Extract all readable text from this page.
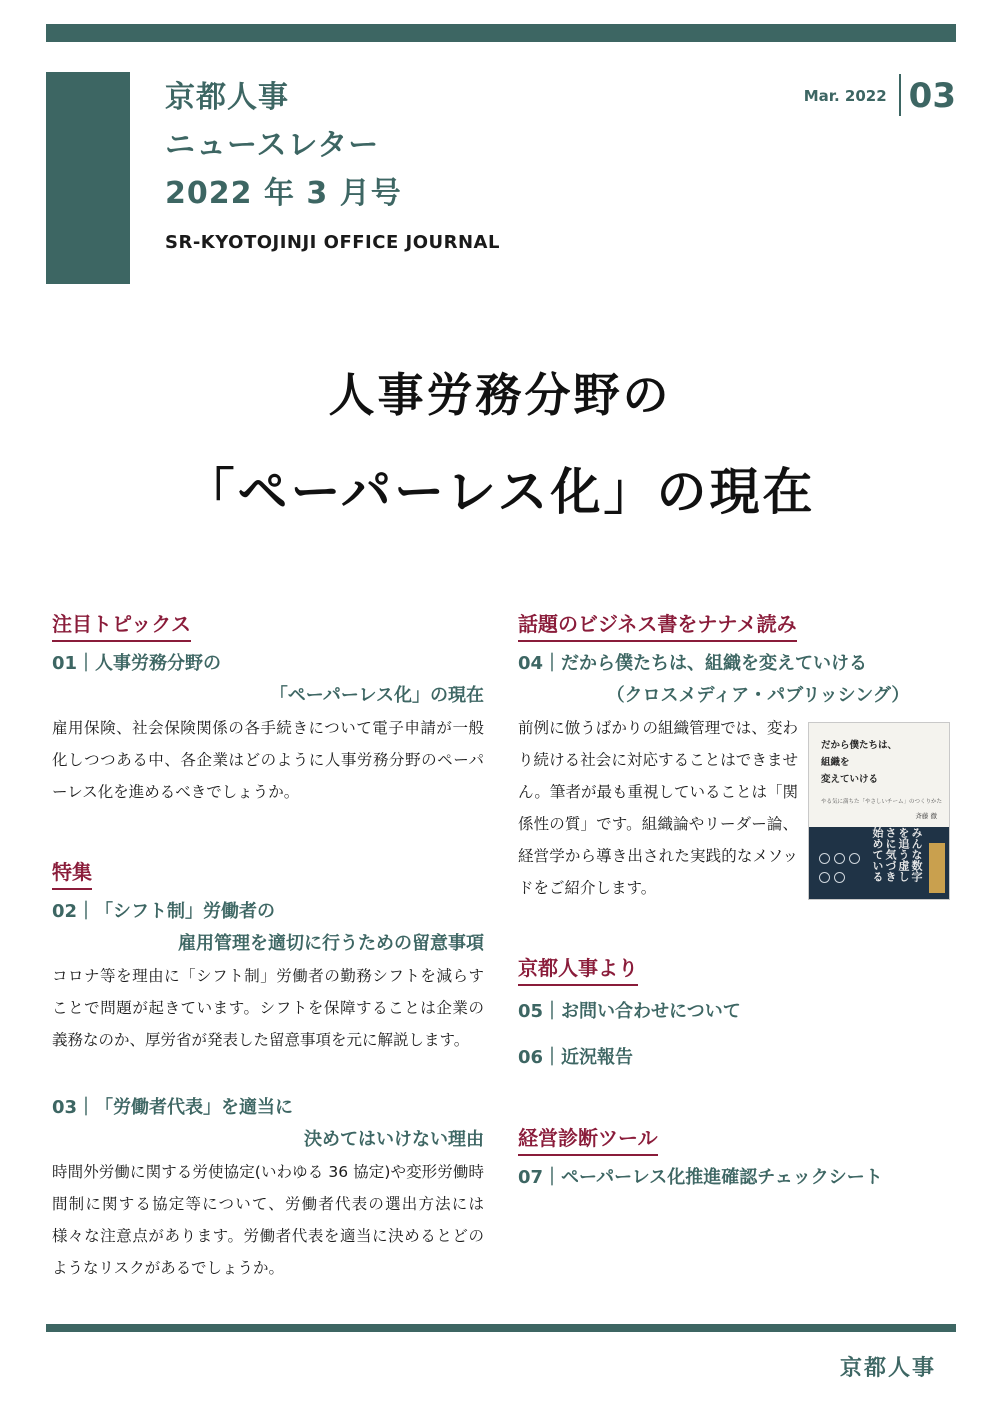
京都人事
ニュースレター
2022 年 3 月号
SR-KYOTOJINJI OFFICE JOURNAL
Mar. 2022 03
人事労務分野の
「ペーパーレス化」の現在
注目トピックス
01｜人事労務分野の
「ペーパーレス化」の現在
雇用保険、社会保険関係の各手続きについて電子申請が一般化しつつある中、各企業はどのように人事労務分野のペーパーレス化を進めるべきでしょうか。
特集
02｜「シフト制」労働者の
雇用管理を適切に行うための留意事項
コロナ等を理由に「シフト制」労働者の勤務シフトを減らすことで問題が起きています。シフトを保障することは企業の義務なのか、厚労省が発表した留意事項を元に解説します。
03｜「労働者代表」を適当に
決めてはいけない理由
時間外労働に関する労使協定(いわゆる 36 協定)や変形労働時間制に関する協定等について、労働者代表の選出方法には様々な注意点があります。労働者代表を適当に決めるとどのようなリスクがあるでしょうか。
話題のビジネス書をナナメ読み
04｜だから僕たちは、組織を変えていける
（クロスメディア・パブリッシング）
前例に倣うばかりの組織管理では、変わり続ける社会に対応することはできません。筆者が最も重視していることは「関係性の質」です。組織論やリーダー論、経営学から導き出された実践的なメソッドをご紹介します。
だから僕たちは、
組織を
変えていける
やる気に満ちた「やさしいチーム」のつくりかた
斉藤 徹

みんな数字を追う虚しさに気づき始めている
京都人事より
05｜お問い合わせについて
06｜近況報告
経営診断ツール
07｜ペーパーレス化推進確認チェックシート
京都人事
